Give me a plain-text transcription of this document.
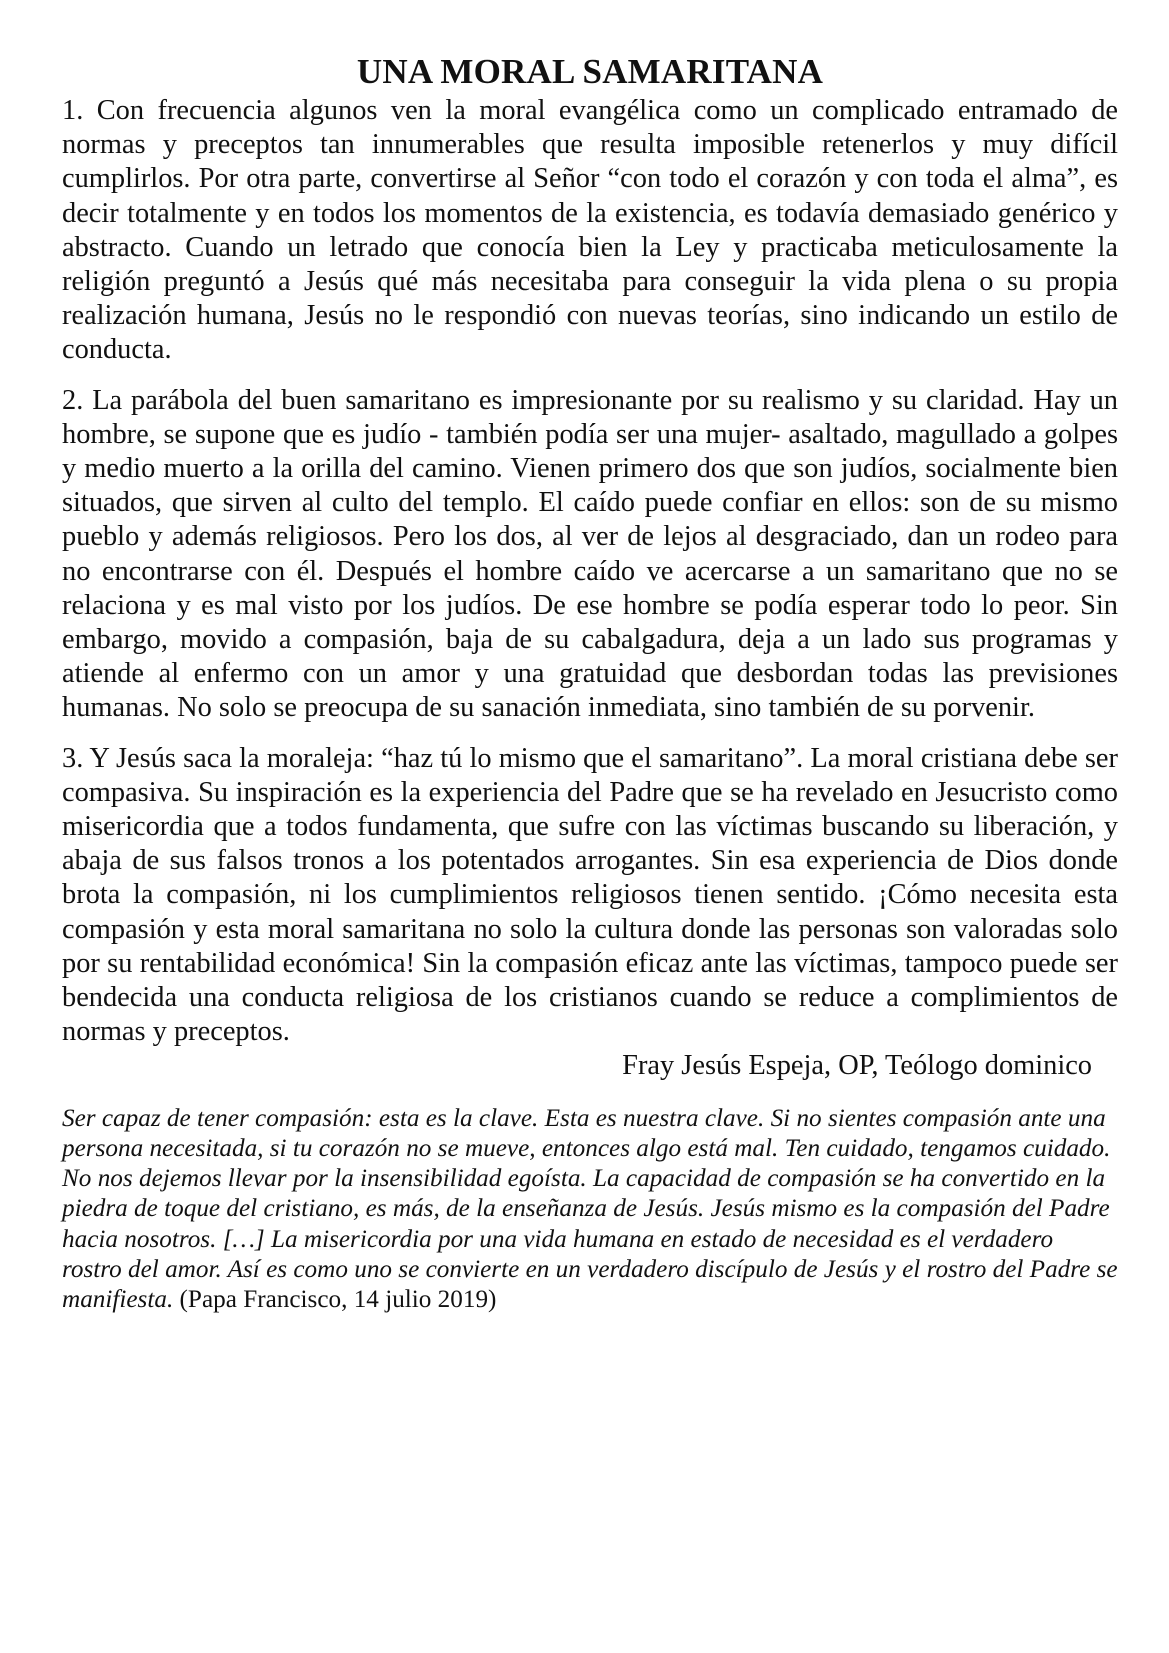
UNA MORAL SAMARITANA

1. Con frecuencia algunos ven la moral evangélica como un complicado entramado de normas y preceptos tan innumerables que resulta imposible retenerlos y muy difícil cumplirlos. Por otra parte, convertirse al Señor “con todo el corazón y con toda el alma”, es decir totalmente y en todos los momentos de la existencia, es todavía demasiado genérico y abstracto. Cuando un letrado que conocía bien la Ley y practicaba meticulosamente la religión preguntó a Jesús qué más necesitaba para conseguir la vida plena o su propia realización humana, Jesús no le respondió con nuevas teorías, sino indicando un estilo de conducta.

2. La parábola del buen samaritano es impresionante por su realismo y su claridad. Hay un hombre, se supone que es judío - también podía ser una mujer- asaltado, magullado a golpes y medio muerto a la orilla del camino. Vienen primero dos que son judíos, socialmente bien situados, que sirven al culto del templo. El caído puede confiar en ellos: son de su mismo pueblo y además religiosos. Pero los dos, al ver de lejos al desgraciado, dan un rodeo para no encontrarse con él. Después el hombre caído ve acercarse a un samaritano que no se relaciona y es mal visto por los judíos. De ese hombre se podía esperar todo lo peor. Sin embargo, movido a compasión, baja de su cabalgadura, deja a un lado sus programas y atiende al enfermo con un amor y una gratuidad que desbordan todas las previsiones humanas. No solo se preocupa de su sanación inmediata, sino también de su porvenir.

3. Y Jesús saca la moraleja: “haz tú lo mismo que el samaritano”. La moral cristiana debe ser compasiva. Su inspiración es la experiencia del Padre que se ha revelado en Jesucristo como misericordia que a todos fundamenta, que sufre con las víctimas buscando su liberación, y abaja de sus falsos tronos a los potentados arrogantes. Sin esa experiencia de Dios donde brota la compasión, ni los cumplimientos religiosos tienen sentido. ¡Cómo necesita esta compasión y esta moral samaritana no solo la cultura donde las personas son valoradas solo por su rentabilidad económica! Sin la compasión eficaz ante las víctimas, tampoco puede ser bendecida una conducta religiosa de los cristianos cuando se reduce a complimientos de normas y preceptos.

Fray Jesús Espeja, OP, Teólogo dominico

Ser capaz de tener compasión: esta es la clave. Esta es nuestra clave. Si no sientes compasión ante una persona necesitada, si tu corazón no se mueve, entonces algo está mal. Ten cuidado, tengamos cuidado. No nos dejemos llevar por la insensibilidad egoísta. La capacidad de compasión se ha convertido en la piedra de toque del cristiano, es más, de la enseñanza de Jesús. Jesús mismo es la compasión del Padre hacia nosotros. […] La misericordia por una vida humana en estado de necesidad es el verdadero rostro del amor. Así es como uno se convierte en un verdadero discípulo de Jesús y el rostro del Padre se manifiesta. (Papa Francisco, 14 julio 2019)
